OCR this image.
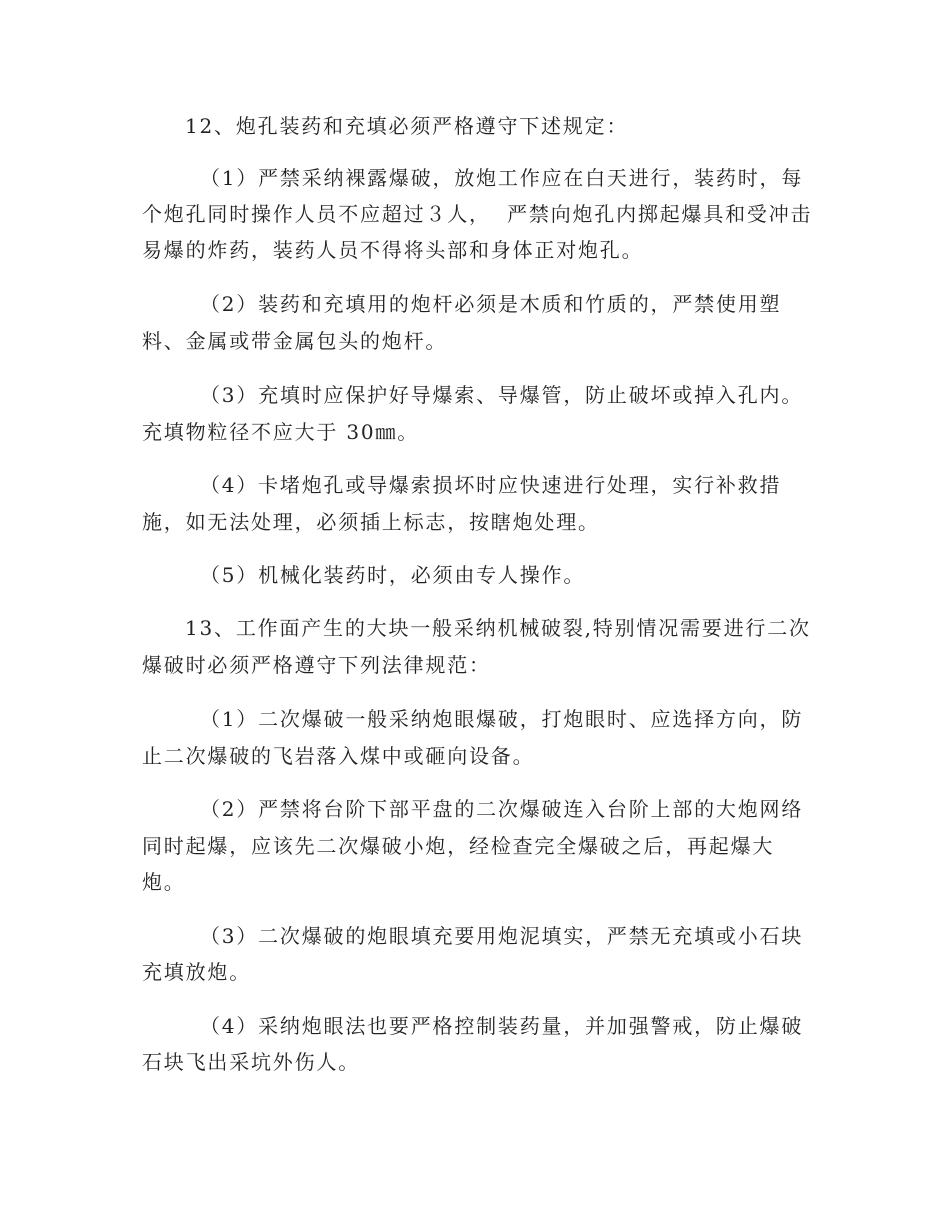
12、炮孔装药和充填必须严格遵守下述规定：
（1）严禁采纳裸露爆破，放炮工作应在白天进行，装药时，每
个炮孔同时操作人员不应超过３人，  严禁向炮孔内掷起爆具和受冲击
易爆的炸药，装药人员不得将头部和身体正对炮孔。
（2）装药和充填用的炮杆必须是木质和竹质的，严禁使用塑
料、金属或带金属包头的炮杆。
（3）充填时应保护好导爆索、导爆管，防止破坏或掉入孔内。
充填物粒径不应大于 30㎜。
（4）卡堵炮孔或导爆索损坏时应快速进行处理，实行补救措
施，如无法处理，必须插上标志，按瞎炮处理。
（5）机械化装药时，必须由专人操作。
13、工作面产生的大块一般采纳机械破裂,特别情况需要进行二次
爆破时必须严格遵守下列法律规范：
（1）二次爆破一般采纳炮眼爆破，打炮眼时、应选择方向，防
止二次爆破的飞岩落入煤中或砸向设备。
（2）严禁将台阶下部平盘的二次爆破连入台阶上部的大炮网络
同时起爆，应该先二次爆破小炮，经检查完全爆破之后，再起爆大
炮。
（3）二次爆破的炮眼填充要用炮泥填实，严禁无充填或小石块
充填放炮。
（4）采纳炮眼法也要严格控制装药量，并加强警戒，防止爆破
石块飞出采坑外伤人。
